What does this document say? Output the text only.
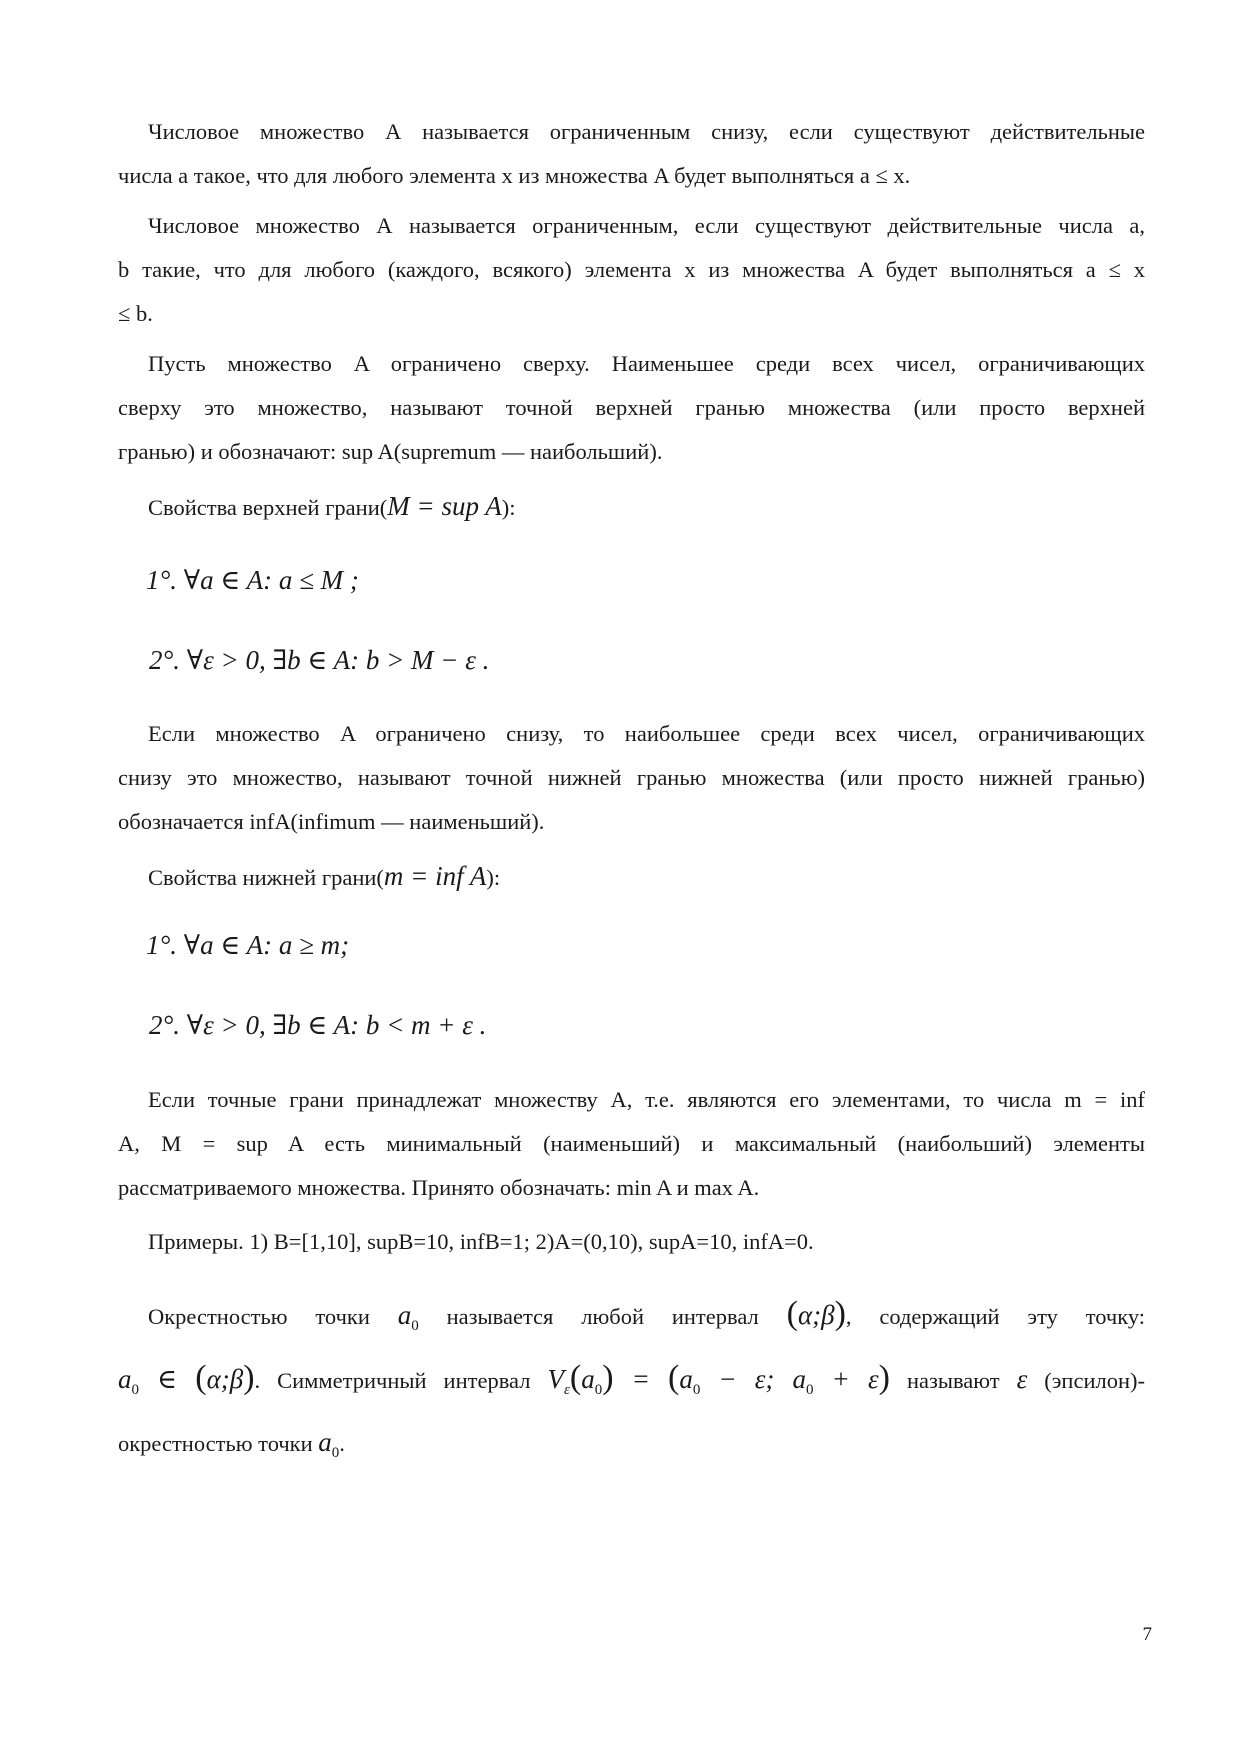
Числовое множество А называется ограниченным снизу, если существуют действительные
числа a такое, что для любого элемента x из множества A будет выполняться a ≤ x.
Числовое множество А называется ограниченным, если существуют действительные числа a,
b такие, что для любого (каждого, всякого) элемента x из множества A будет выполняться a ≤ x
≤ b.
Пусть множество A ограничено сверху. Наименьшее среди всех чисел, ограничивающих
сверху это множество, называют точной верхней гранью множества (или просто верхней
гранью) и обозначают: sup A(supremum — наибольший).
Свойства верхней грани(M = sup A):
1°. ∀a ∈ A: a ≤ M ;
2°. ∀ε > 0, ∃b ∈ A: b > M − ε .
Если множество A ограничено снизу, то наибольшее среди всех чисел, ограничивающих
снизу это множество, называют точной нижней гранью множества (или просто нижней гранью)
обозначается infA(infimum — наименьший).
Свойства нижней грани(m = inf A):
1°. ∀a ∈ A: a ≥ m;
2°. ∀ε > 0, ∃b ∈ A: b < m + ε .
Если точные грани принадлежат множеству A, т.е. являются его элементами, то числа m = inf
A, M = sup A есть минимальный (наименьший) и максимальный (наибольший) элементы
рассматриваемого множества. Принято обозначать: min A и max A.
Примеры. 1) B=[1,10], supB=10, infB=1; 2)A=(0,10), supA=10, infA=0.
Окрестностью точки $a_0$ называется любой интервал (α;β), содержащий эту точку:
$a_0$ ∈ (α;β). Симметричный интервал $V_\varepsilon(a_0) = (a_0 - \varepsilon$; $a_0 + \varepsilon$) называют ε (эпсилон)-
окрестностью точки $a_0$.
7
